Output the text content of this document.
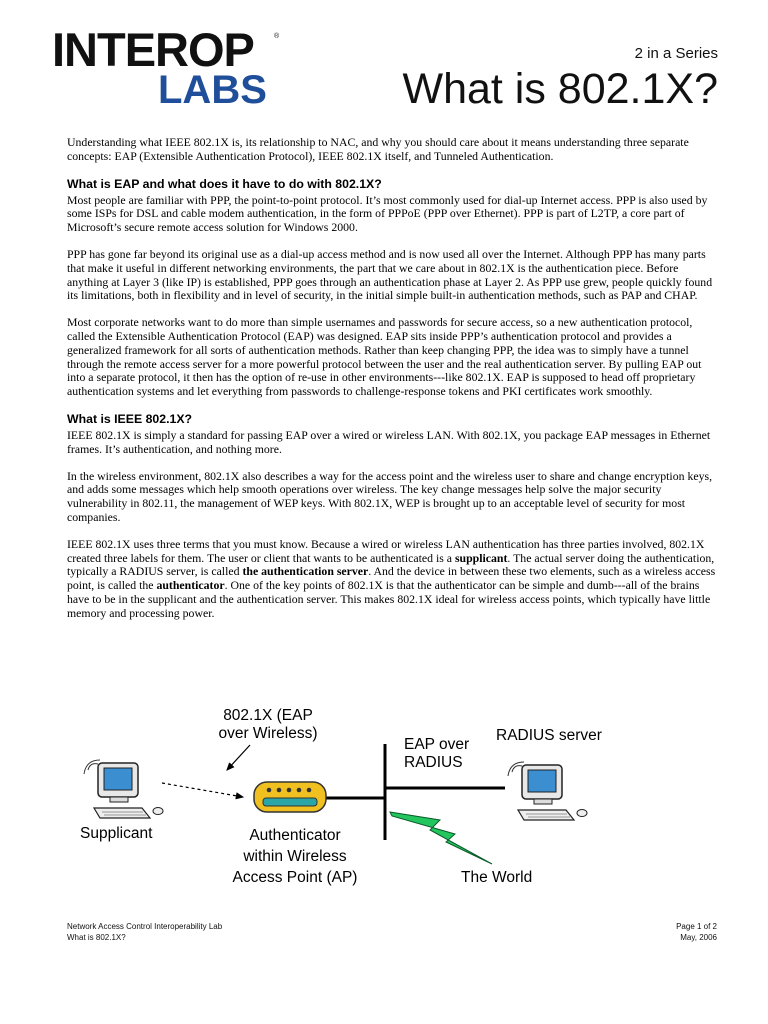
INTEROP	®
LABS
2 in a Series
What is 802.1X?

Understanding what IEEE 802.1X is, its relationship to NAC, and why you should care about it means understanding three separate concepts: EAP (Extensible Authentication Protocol), IEEE 802.1X itself, and Tunneled Authentication.

What is EAP and what does it have to do with 802.1X?

Most people are familiar with PPP, the point-to-point protocol. It’s most commonly used for dial-up Internet access. PPP is also used by some ISPs for DSL and cable modem authentication, in the form of PPPoE (PPP over Ethernet). PPP is part of L2TP, a core part of Microsoft’s secure remote access solution for Windows 2000.

PPP has gone far beyond its original use as a dial-up access method and is now used all over the Internet. Although PPP has many parts that make it useful in different networking environments, the part that we care about in 802.1X is the authentication piece. Before anything at Layer 3 (like IP) is established, PPP goes through an authentication phase at Layer 2. As PPP use grew, people quickly found its limitations, both in flexibility and in level of security, in the initial simple built-in authentication methods, such as PAP and CHAP.

Most corporate networks want to do more than simple usernames and passwords for secure access, so a new authentication protocol, called the Extensible Authentication Protocol (EAP) was designed. EAP sits inside PPP’s authentication protocol and provides a generalized framework for all sorts of authentication methods. Rather than keep changing PPP, the idea was to simply have a tunnel through the remote access server for a more powerful protocol between the user and the real authentication server. By pulling EAP out into a separate protocol, it then has the option of re-use in other environments---like 802.1X. EAP is supposed to head off proprietary authentication systems and let everything from passwords to challenge-response tokens and PKI certificates work smoothly.

What is IEEE 802.1X?

IEEE 802.1X is simply a standard for passing EAP over a wired or wireless LAN. With 802.1X, you package EAP messages in Ethernet frames. It’s authentication, and nothing more.

In the wireless environment, 802.1X also describes a way for the access point and the wireless user to share and change encryption keys, and adds some messages which help smooth operations over wireless. The key change messages help solve the major security vulnerability in 802.11, the management of WEP keys. With 802.1X, WEP is brought up to an acceptable level of security for most companies.

IEEE 802.1X uses three terms that you must know. Because a wired or wireless LAN authentication has three parties involved, 802.1X created three labels for them. The user or client that wants to be authenticated is a supplicant. The actual server doing the authentication, typically a RADIUS server, is called the authentication server. And the device in between these two elements, such as a wireless access point, is called the authenticator. One of the key points of 802.1X is that the authenticator can be simple and dumb---all of the brains have to be in the supplicant and the authentication server. This makes 802.1X ideal for wireless access points, which typically have little memory and processing power.

802.1X (EAP
over Wireless)
EAP over
RADIUS
RADIUS server
Supplicant	Authenticator
within Wireless
Access Point (AP)	The World
Network Access Control Interoperability Lab
What is 802.1X?
Page 1 of 2
May, 2006
